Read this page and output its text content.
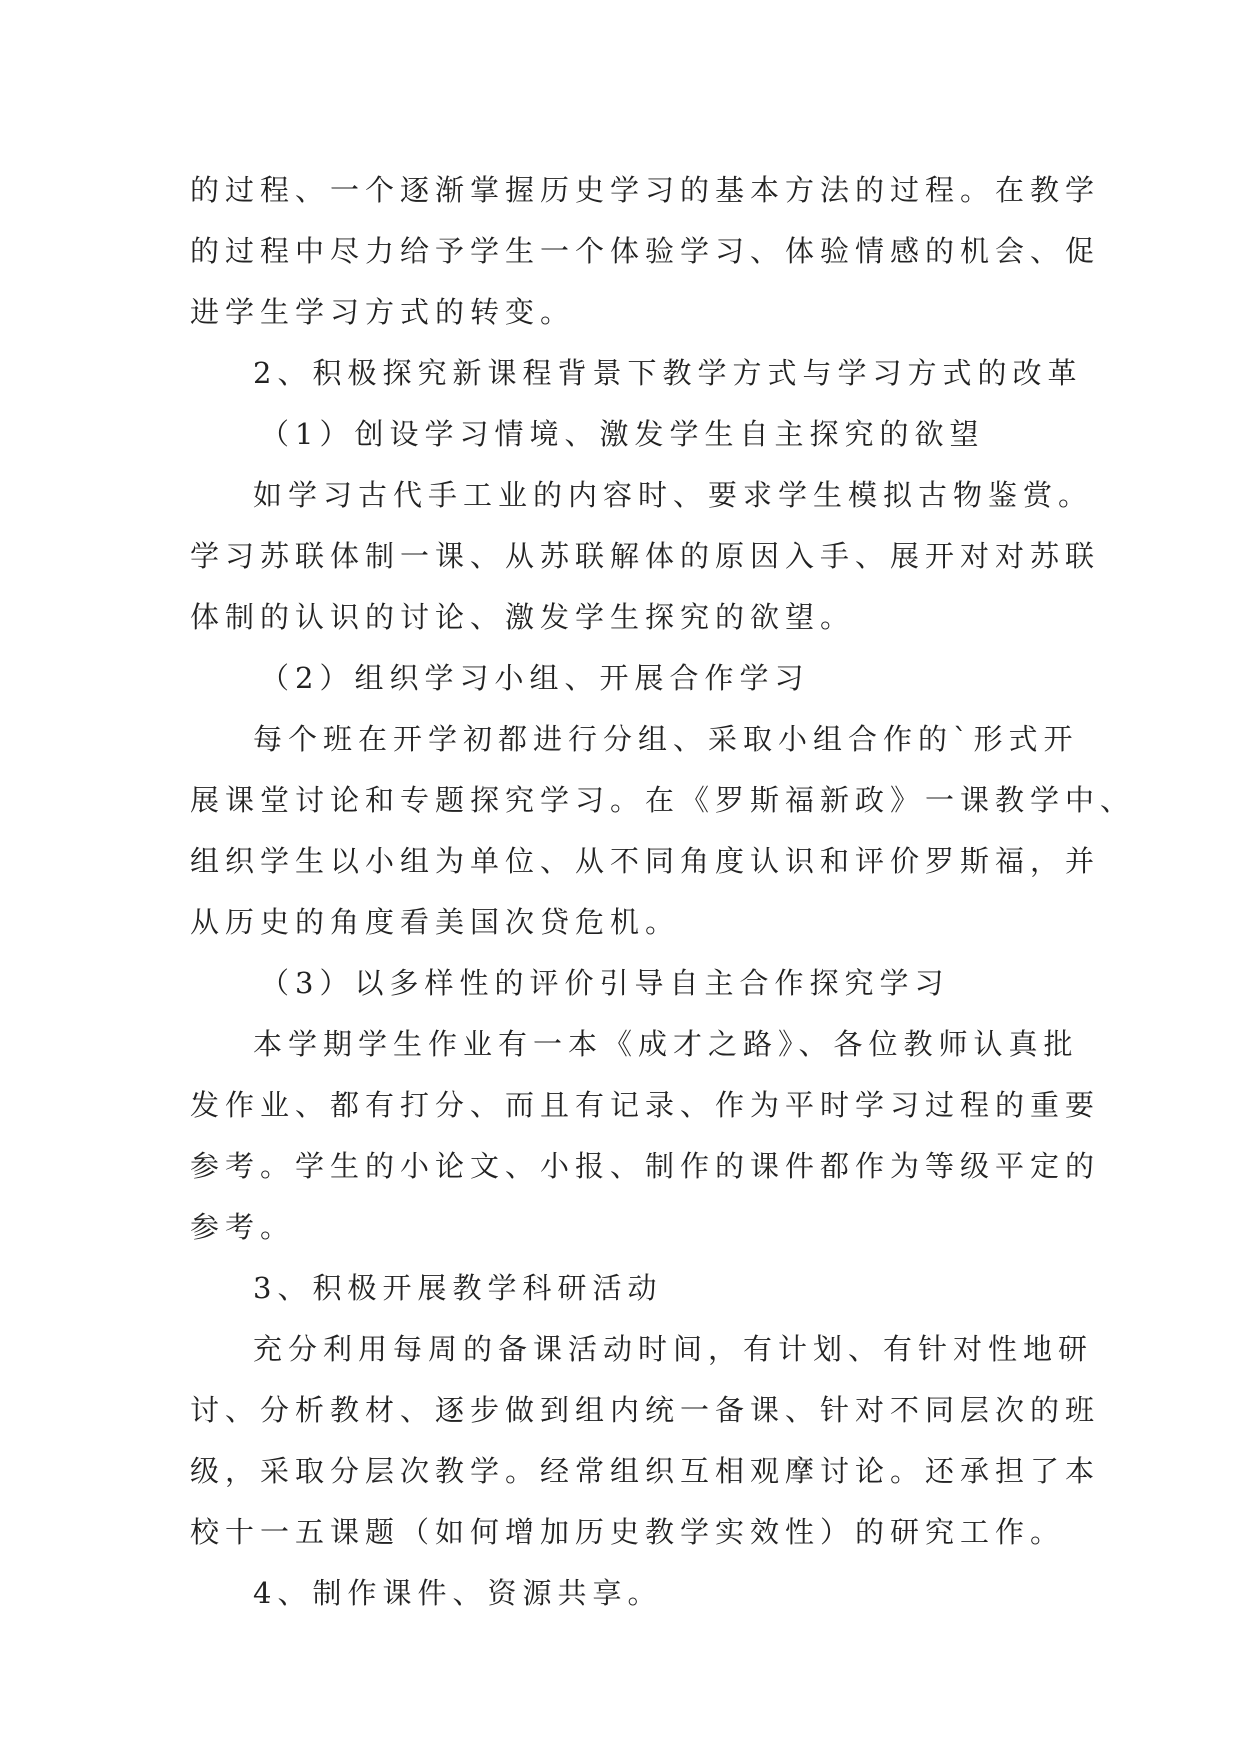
的过程、一个逐渐掌握历史学习的基本方法的过程。在教学
的过程中尽力给予学生一个体验学习、体验情感的机会、促
进学生学习方式的转变。
2、积极探究新课程背景下教学方式与学习方式的改革
（1）创设学习情境、激发学生自主探究的欲望
如学习古代手工业的内容时、要求学生模拟古物鉴赏。
学习苏联体制一课、从苏联解体的原因入手、展开对对苏联
体制的认识的讨论、激发学生探究的欲望。
（2）组织学习小组、开展合作学习
每个班在开学初都进行分组、采取小组合作的`形式开
展课堂讨论和专题探究学习。在《罗斯福新政》一课教学中、
组织学生以小组为单位、从不同角度认识和评价罗斯福，并
从历史的角度看美国次贷危机。
（3）以多样性的评价引导自主合作探究学习
本学期学生作业有一本《成才之路》、各位教师认真批
发作业、都有打分、而且有记录、作为平时学习过程的重要
参考。学生的小论文、小报、制作的课件都作为等级平定的
参考。
3、积极开展教学科研活动
充分利用每周的备课活动时间，有计划、有针对性地研
讨、分析教材、逐步做到组内统一备课、针对不同层次的班
级，采取分层次教学。经常组织互相观摩讨论。还承担了本
校十一五课题（如何增加历史教学实效性）的研究工作。
4、制作课件、资源共享。
